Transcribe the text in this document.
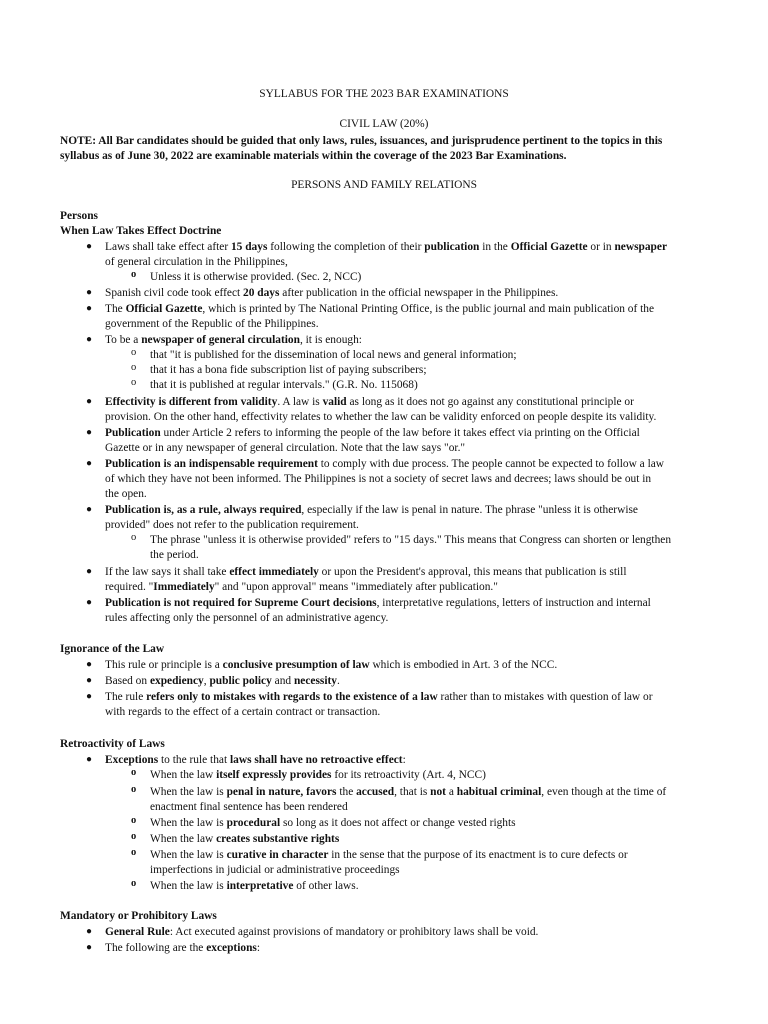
SYLLABUS FOR THE 2023 BAR EXAMINATIONS
CIVIL LAW (20%)
NOTE: All Bar candidates should be guided that only laws, rules, issuances, and jurisprudence pertinent to the topics in this
syllabus as of June 30, 2022 are examinable materials within the coverage of the 2023 Bar Examinations.
PERSONS AND FAMILY RELATIONS
Persons
When Law Takes Effect Doctrine
● Laws shall take effect after 15 days following the completion of their publication in the Official Gazette or in newspaper
of general circulation in the Philippines,
o Unless it is otherwise provided. (Sec. 2, NCC)
● Spanish civil code took effect 20 days after publication in the official newspaper in the Philippines.
● The Official Gazette, which is printed by The National Printing Office, is the public journal and main publication of the
government of the Republic of the Philippines.
● To be a newspaper of general circulation, it is enough:
o that "it is published for the dissemination of local news and general information;
o that it has a bona fide subscription list of paying subscribers;
o that it is published at regular intervals." (G.R. No. 115068)
● Effectivity is different from validity. A law is valid as long as it does not go against any constitutional principle or
provision. On the other hand, effectivity relates to whether the law can be validity enforced on people despite its validity.
● Publication under Article 2 refers to informing the people of the law before it takes effect via printing on the Official
Gazette or in any newspaper of general circulation. Note that the law says "or."
● Publication is an indispensable requirement to comply with due process. The people cannot be expected to follow a law
of which they have not been informed. The Philippines is not a society of secret laws and decrees; laws should be out in
the open.
● Publication is, as a rule, always required, especially if the law is penal in nature. The phrase "unless it is otherwise
provided" does not refer to the publication requirement.
o The phrase "unless it is otherwise provided" refers to "15 days." This means that Congress can shorten or lengthen
the period.
● If the law says it shall take effect immediately or upon the President's approval, this means that publication is still
required. "Immediately" and "upon approval" means "immediately after publication."
● Publication is not required for Supreme Court decisions, interpretative regulations, letters of instruction and internal
rules affecting only the personnel of an administrative agency.
Ignorance of the Law
● This rule or principle is a conclusive presumption of law which is embodied in Art. 3 of the NCC.
● Based on expediency, public policy and necessity.
● The rule refers only to mistakes with regards to the existence of a law rather than to mistakes with question of law or
with regards to the effect of a certain contract or transaction.
Retroactivity of Laws
● Exceptions to the rule that laws shall have no retroactive effect:
o When the law itself expressly provides for its retroactivity (Art. 4, NCC)
o When the law is penal in nature, favors the accused, that is not a habitual criminal, even though at the time of
enactment final sentence has been rendered
o When the law is procedural so long as it does not affect or change vested rights
o When the law creates substantive rights
o When the law is curative in character in the sense that the purpose of its enactment is to cure defects or
imperfections in judicial or administrative proceedings
o When the law is interpretative of other laws.
Mandatory or Prohibitory Laws
● General Rule: Act executed against provisions of mandatory or prohibitory laws shall be void.
● The following are the exceptions:
